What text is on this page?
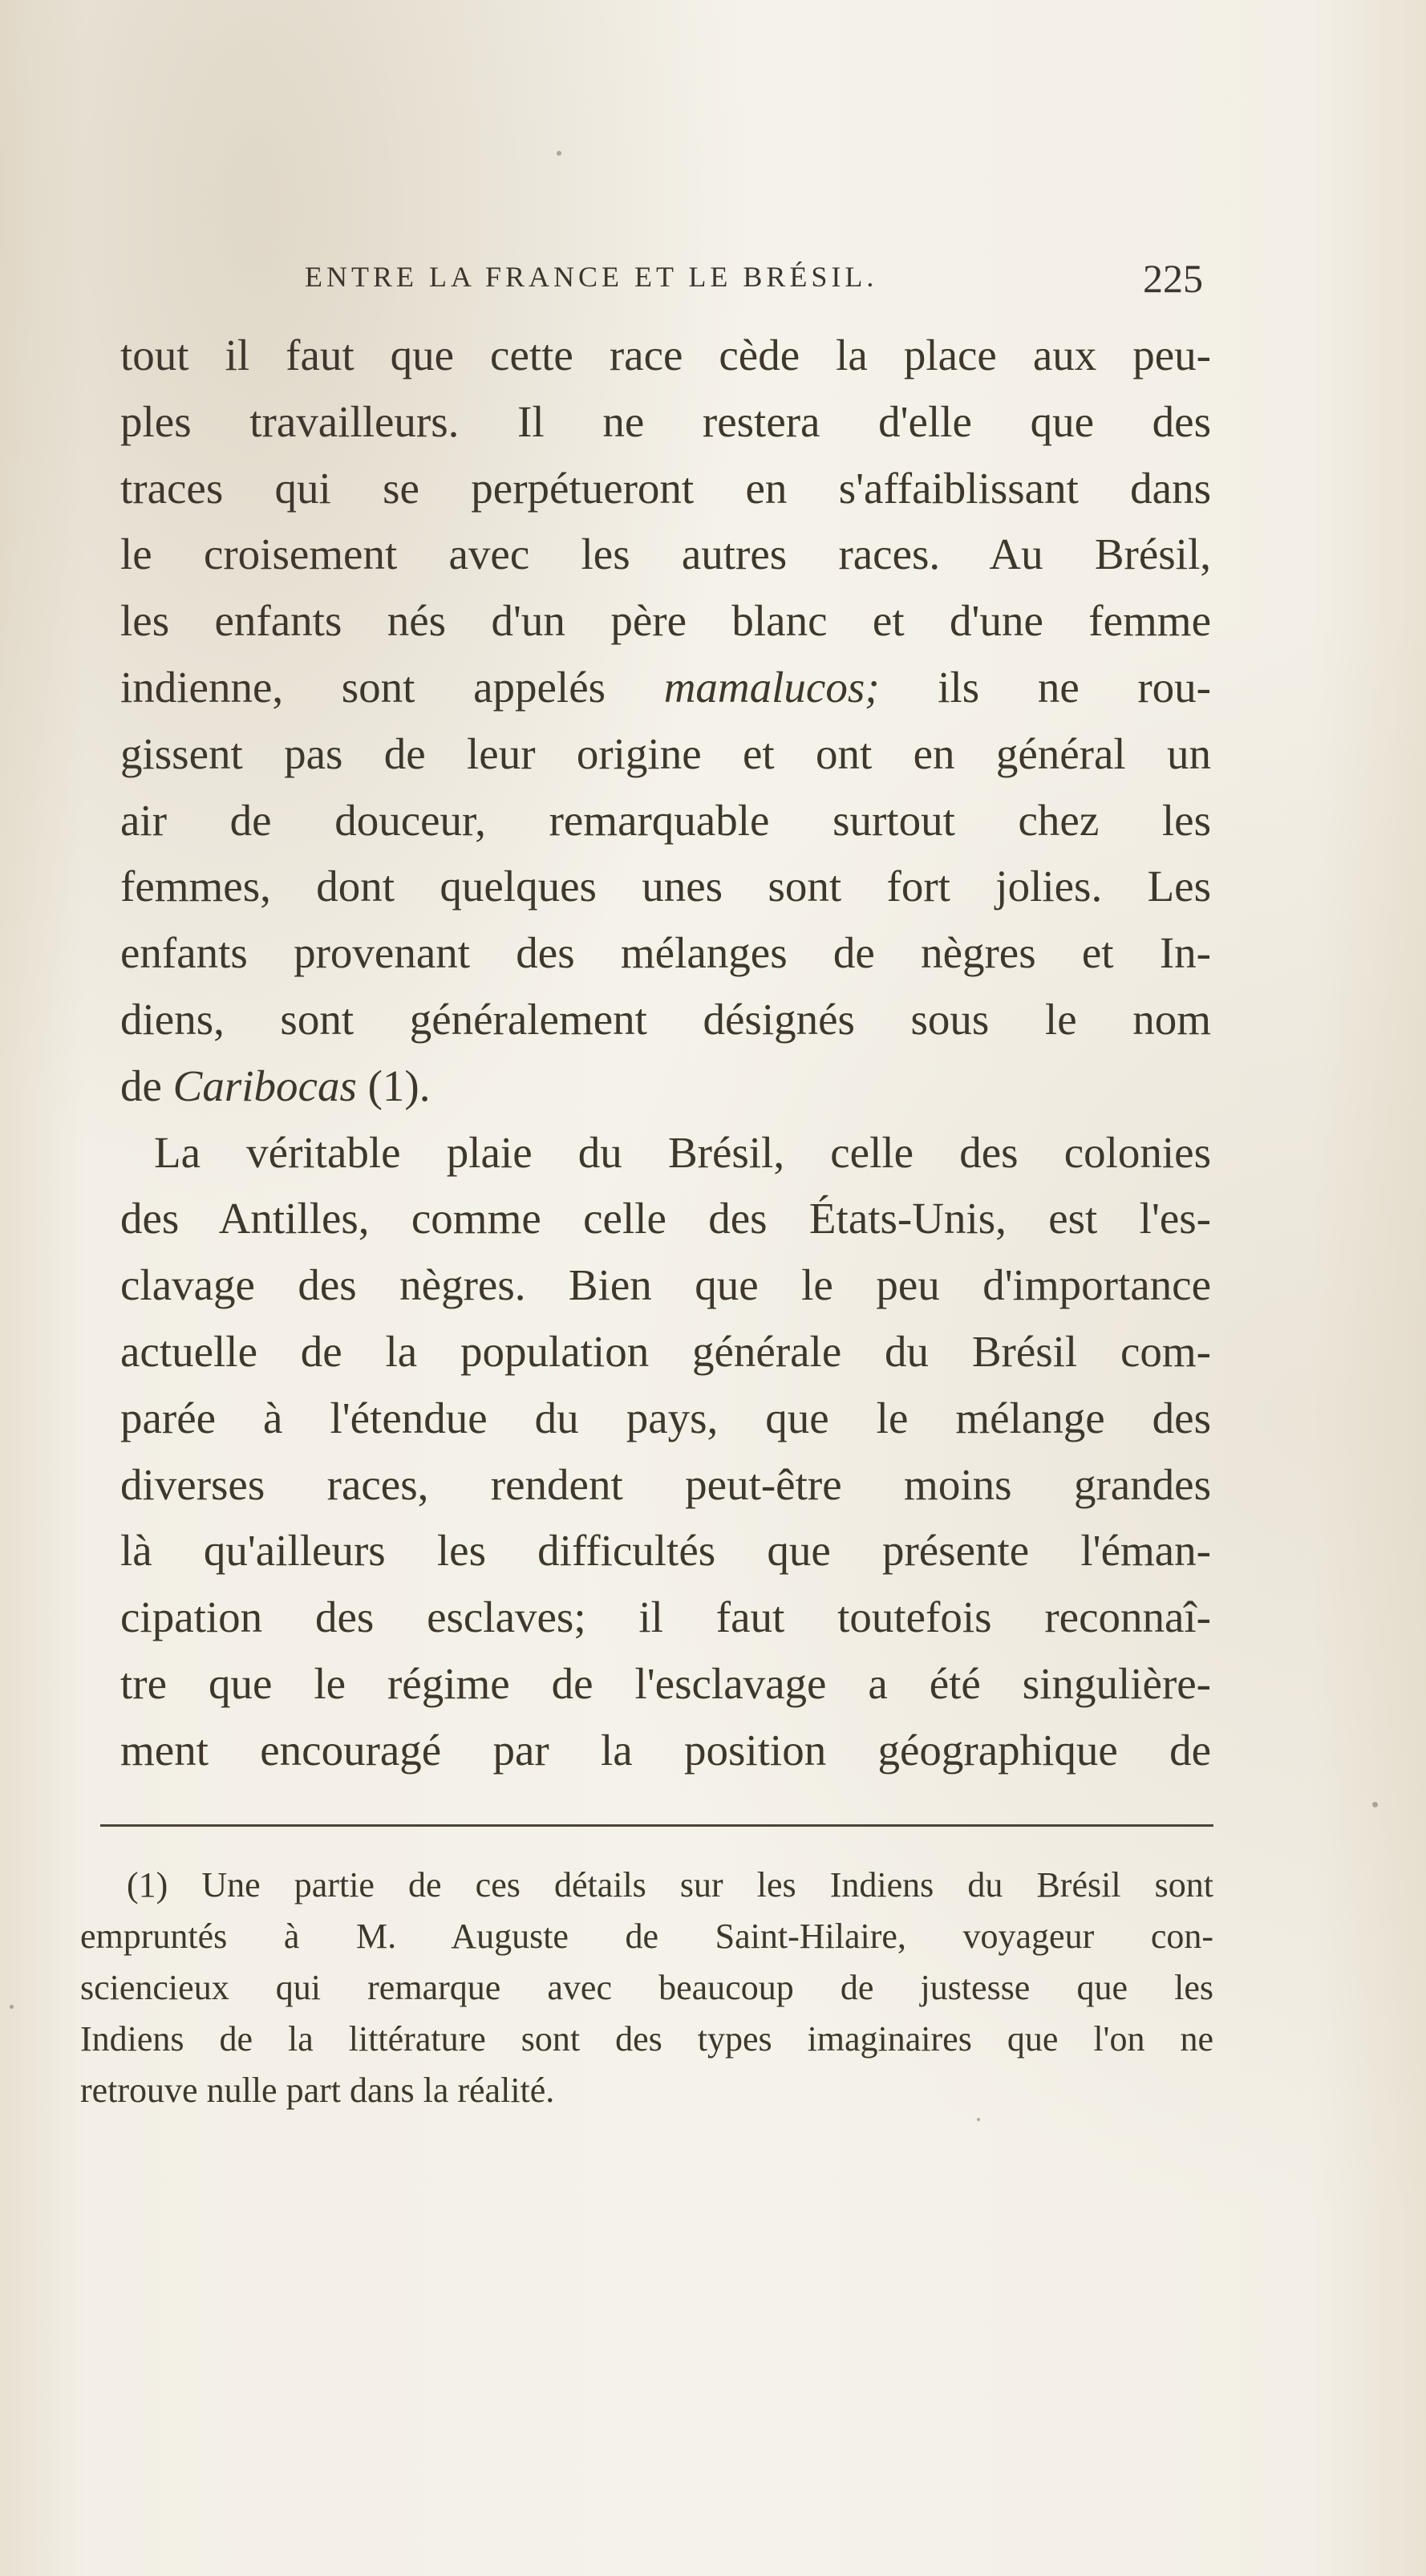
ENTRE LA FRANCE ET LE BRÉSIL.	225
tout il faut que cette race cède la place aux peu-
ples travailleurs. Il ne restera d'elle que des
traces qui se perpétueront en s'affaiblissant dans
le croisement avec les autres races. Au Brésil,
les enfants nés d'un père blanc et d'une femme
indienne, sont appelés mamalucos; ils ne rou-
gissent pas de leur origine et ont en général un
air de douceur, remarquable surtout chez les
femmes, dont quelques unes sont fort jolies. Les
enfants provenant des mélanges de nègres et In-
diens, sont généralement désignés sous le nom
de Caribocas (1).
La véritable plaie du Brésil, celle des colonies
des Antilles, comme celle des États-Unis, est l'es-
clavage des nègres. Bien que le peu d'importance
actuelle de la population générale du Brésil com-
parée à l'étendue du pays, que le mélange des
diverses races, rendent peut-être moins grandes
là qu'ailleurs les difficultés que présente l'éman-
cipation des esclaves; il faut toutefois reconnaî-
tre que le régime de l'esclavage a été singulière-
ment encouragé par la position géographique de
(1) Une partie de ces détails sur les Indiens du Brésil sont
empruntés à M. Auguste de Saint-Hilaire, voyageur con-
sciencieux qui remarque avec beaucoup de justesse que les
Indiens de la littérature sont des types imaginaires que l'on ne
retrouve nulle part dans la réalité.
